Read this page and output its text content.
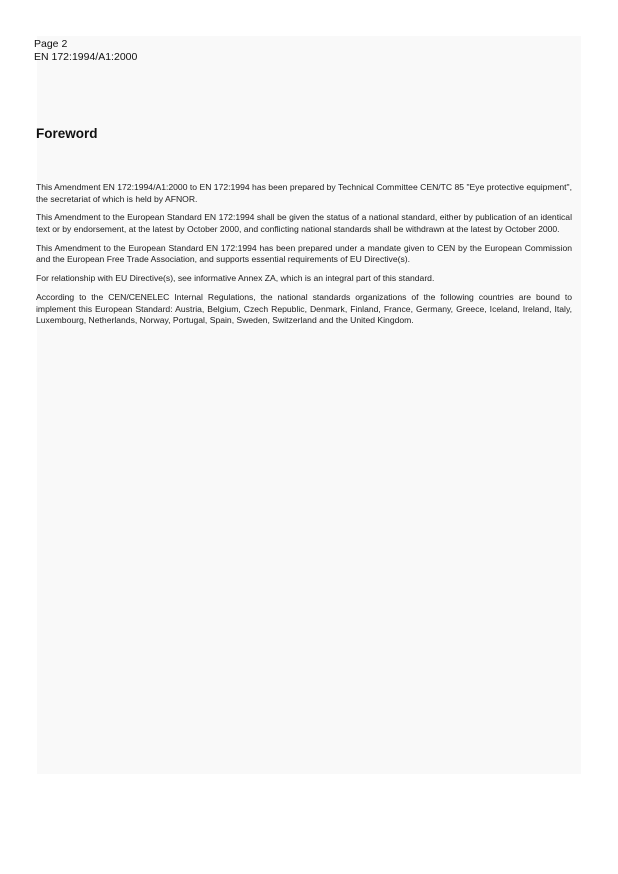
Page 2
EN 172:1994/A1:2000
Foreword

This Amendment EN 172:1994/A1:2000 to EN 172:1994 has been prepared by Technical Committee CEN/TC 85 "Eye protective equipment", the secretariat of which is held by AFNOR.

This Amendment to the European Standard EN 172:1994 shall be given the status of a national standard, either by publication of an identical text or by endorsement, at the latest by October 2000, and conflicting national standards shall be withdrawn at the latest by October 2000.

This Amendment to the European Standard EN 172:1994 has been prepared under a mandate given to CEN by the European Commission and the European Free Trade Association, and supports essential requirements of EU Directive(s).

For relationship with EU Directive(s), see informative Annex ZA, which is an integral part of this standard.

According to the CEN/CENELEC Internal Regulations, the national standards organizations of the following countries are bound to implement this European Standard: Austria, Belgium, Czech Republic, Denmark, Finland, France, Germany, Greece, Iceland, Ireland, Italy, Luxembourg, Netherlands, Norway, Portugal, Spain, Sweden, Switzerland and the United Kingdom.
